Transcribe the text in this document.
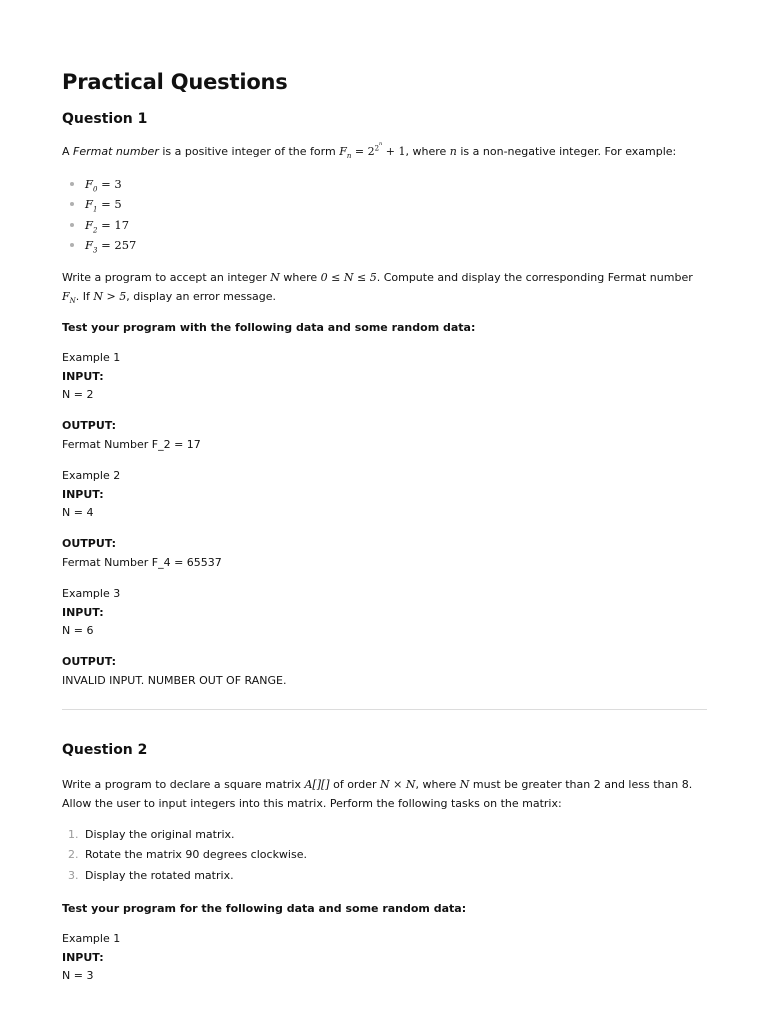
Practical Questions
Question 1

A Fermat number is a positive integer of the form $F_n = 2^{2n} + 1$, where n is a non-negative integer. For example:

$F_0 = 3$
$F_1 = 5$
$F_2 = 17$
$F_3 = 257$

Write a program to accept an integer N where 0 ≤ N ≤ 5. Compute and display the corresponding Fermat number
$F_N$. If N > 5, display an error message.

Test your program with the following data and some random data:

Example 1

INPUT:

N = 2

OUTPUT:

Fermat Number F_2 = 17

Example 2

INPUT:

N = 4

OUTPUT:

Fermat Number F_4 = 65537

Example 3

INPUT:

N = 6

OUTPUT:

INVALID INPUT. NUMBER OUT OF RANGE.

Question 2

Write a program to declare a square matrix A[][] of order N × N, where N must be greater than 2 and less than 8.
Allow the user to input integers into this matrix. Perform the following tasks on the matrix:

1. Display the original matrix.
2. Rotate the matrix 90 degrees clockwise.
3. Display the rotated matrix.

Test your program for the following data and some random data:

Example 1

INPUT:

N = 3
